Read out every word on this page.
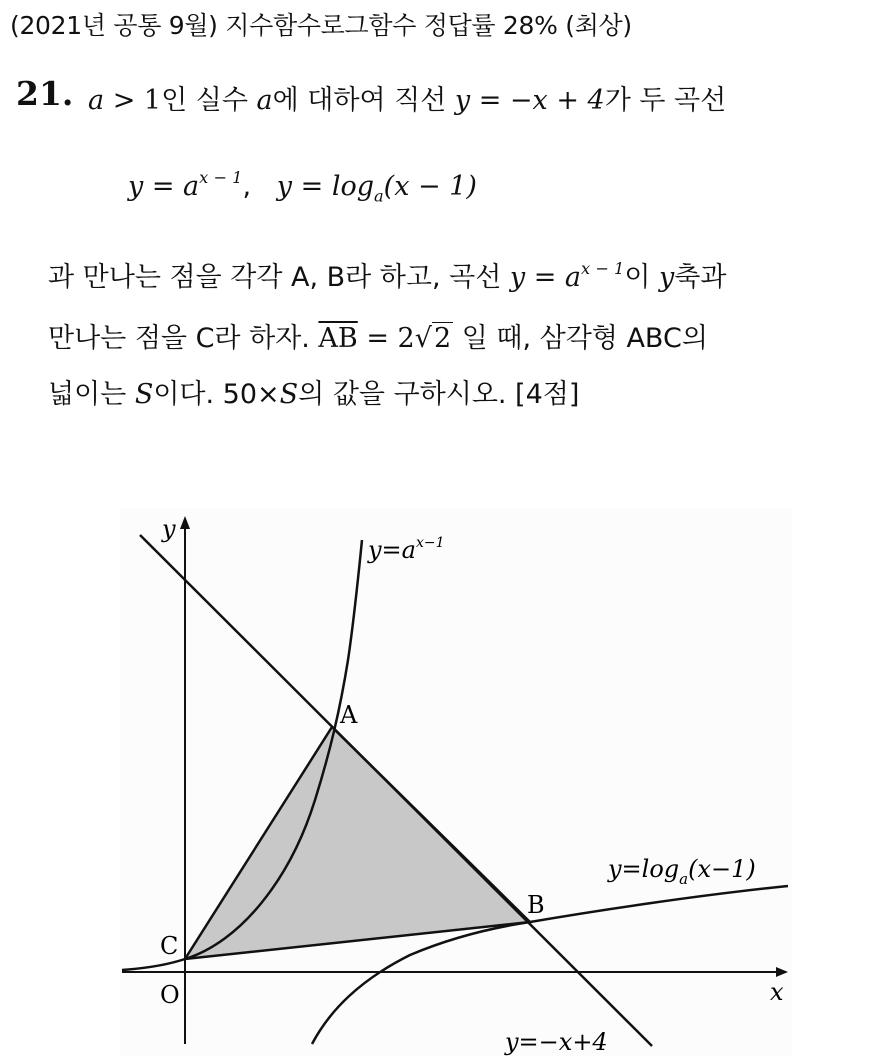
(2021년 공통 9월) 지수함수로그함수 정답률 28% (최상)
21. a > 1인 실수 a에 대하여 직선 y = −x + 4가 두 곡선
$y = a^{x - 1}$,   $y = \log_a(x - 1)$
과 만나는 점을 각각 A, B라 하고, 곡선 $y = a^{x - 1}$이 y축과
만나는 점을 C라 하자. $\overline{AB} = 2√2$ 일 때, 삼각형 ABC의
넓이는 S이다. 50×S의 값을 구하시오. [4점]
y
x
O
A
B
C
$y=a^{x-1}$
$y=\log_a(x-1)$
y=−x+4
